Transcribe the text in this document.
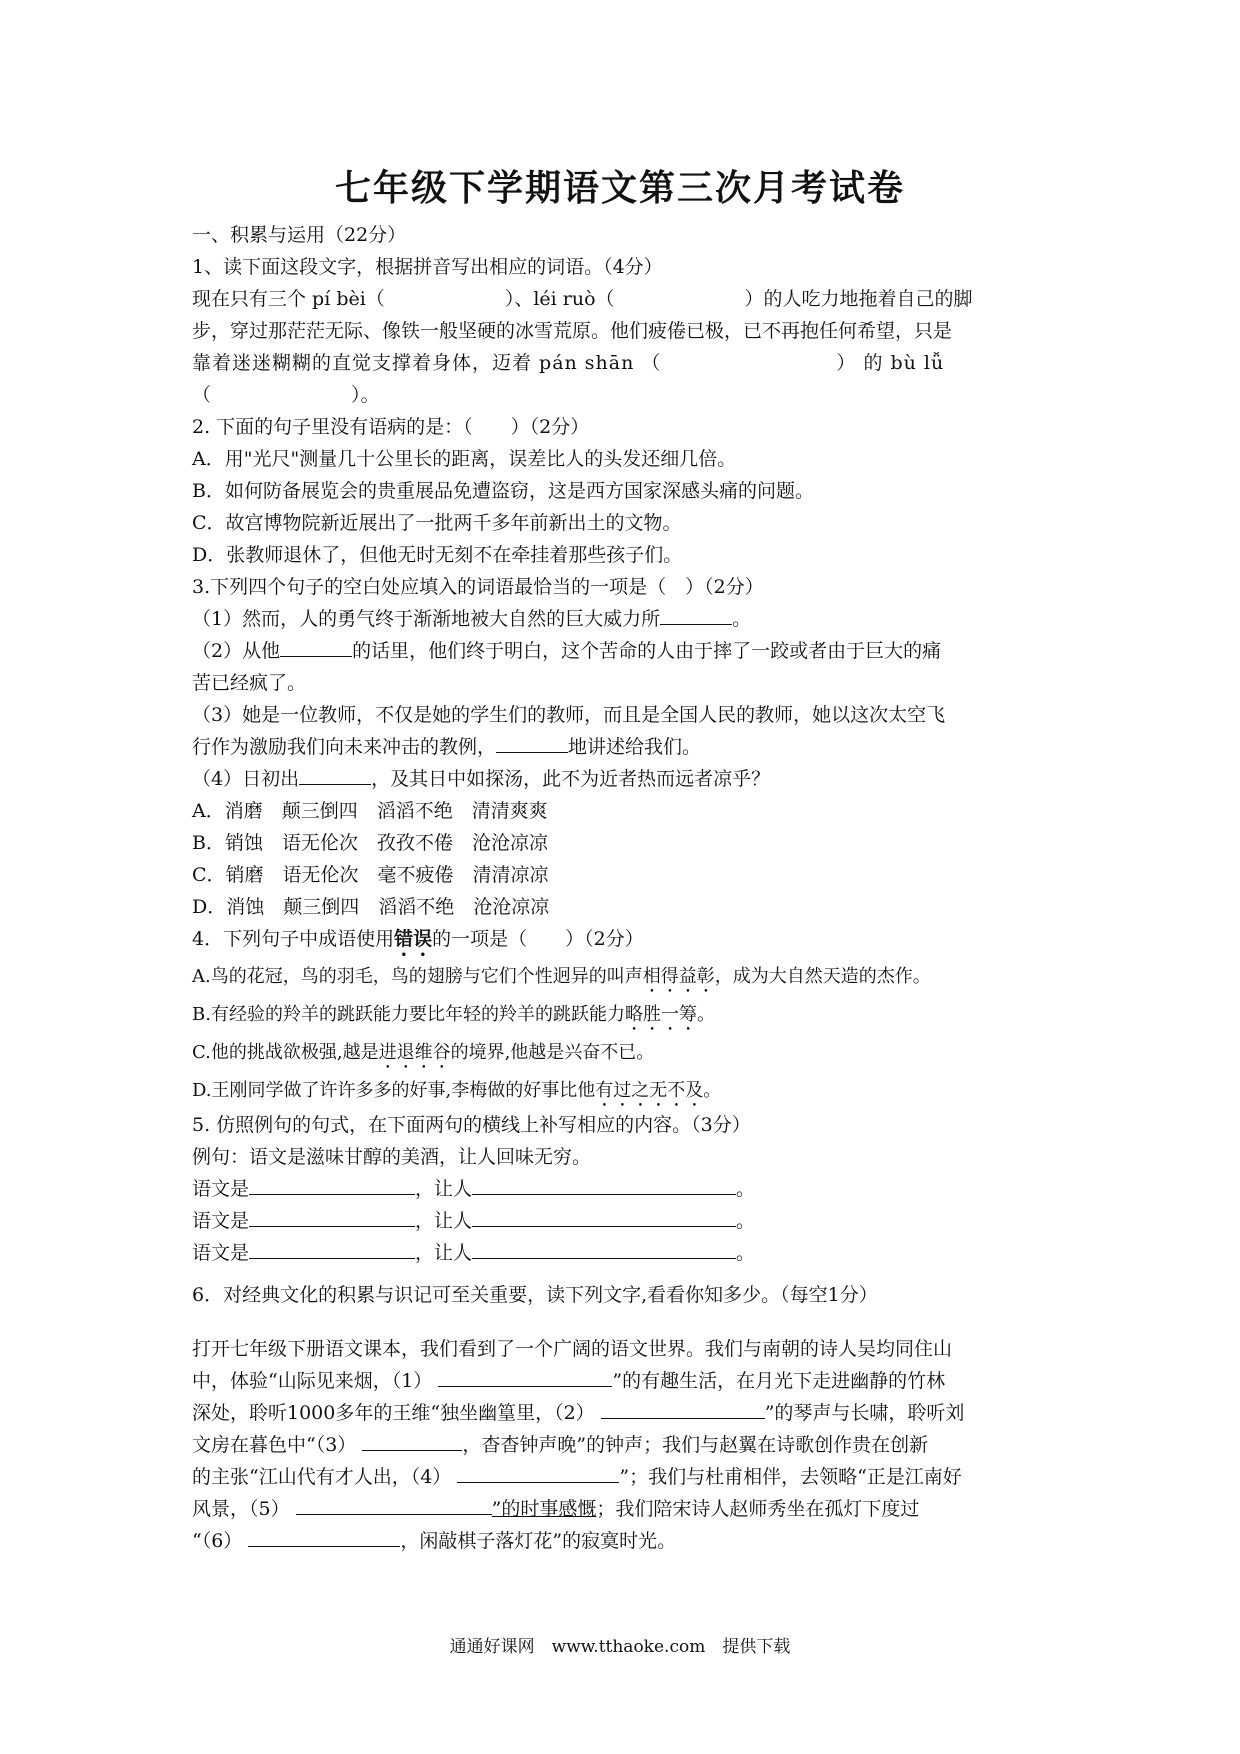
七年级下学期语文第三次月考试卷
一、积累与运用（22分）
1、读下面这段文字，根据拼音写出相应的词语。（4分）
现在只有三个 pí bèi（	）、léi ruò（	）的人吃力地拖着自己的脚
步，穿过那茫茫无际、像铁一般坚硬的冰雪荒原。他们疲倦已极，已不再抱任何希望，只是
靠着迷迷糊糊的直觉支撑着身体，迈着 pán shān （	） 的 bù lǚ
（	）。
2. 下面的句子里没有语病的是：（　　）（2分）
A．用"光尺"测量几十公里长的距离，误差比人的头发还细几倍。
B．如何防备展览会的贵重展品免遭盗窃，这是西方国家深感头痛的问题。
C．故宫博物院新近展出了一批两千多年前新出土的文物。
D．张教师退休了，但他无时无刻不在牵挂着那些孩子们。
3.下列四个句子的空白处应填入的词语最恰当的一项是（　）（2分）
（1）然而，人的勇气终于渐渐地被大自然的巨大威力所	。
（2）从他	的话里，他们终于明白，这个苦命的人由于摔了一跤或者由于巨大的痛
苦已经疯了。
（3）她是一位教师，不仅是她的学生们的教师，而且是全国人民的教师，她以这次太空飞
行作为激励我们向未来冲击的教例，	地讲述给我们。
（4）日初出	，及其日中如探汤，此不为近者热而远者凉乎？
A．消磨　颠三倒四　滔滔不绝　清清爽爽
B．销蚀　语无伦次　孜孜不倦　沧沧凉凉
C．销磨　语无伦次　毫不疲倦　清清凉凉
D．消蚀　颠三倒四　滔滔不绝　沧沧凉凉
4．下列句子中成语使用错误的一项是（　　）（2分）
A.鸟的花冠，鸟的羽毛，鸟的翅膀与它们个性迥异的叫声相得益彰，成为大自然天造的杰作。
B.有经验的羚羊的跳跃能力要比年轻的羚羊的跳跃能力略胜一筹。
C.他的挑战欲极强,越是进退维谷的境界,他越是兴奋不已。
D.王刚同学做了许许多多的好事,李梅做的好事比他有过之无不及。
5. 仿照例句的句式，在下面两句的横线上补写相应的内容。（3分）
例句：语文是滋味甘醇的美酒，让人回味无穷。
语文是	，让人	。
语文是	，让人	。
语文是	，让人	。
6．对经典文化的积累与识记可至关重要，读下列文字,看看你知多少。（每空1分）
打开七年级下册语文课本，我们看到了一个广阔的语文世界。我们与南朝的诗人吴均同住山
中，体验“山际见来烟，（1）	”的有趣生活，在月光下走进幽静的竹林
深处，聆听1000多年的王维“独坐幽篁里，（2）	”的琴声与长啸，聆听刘
文房在暮色中“（3）	，杳杳钟声晚”的钟声；我们与赵翼在诗歌创作贵在创新
的主张“江山代有才人出，（4）	”；我们与杜甫相伴，去领略“正是江南好
风景，（5）	”的时事感慨；我们陪宋诗人赵师秀坐在孤灯下度过
“（6）	，闲敲棋子落灯花”的寂寞时光。
通通好课网　www.tthaoke.com　提供下载
